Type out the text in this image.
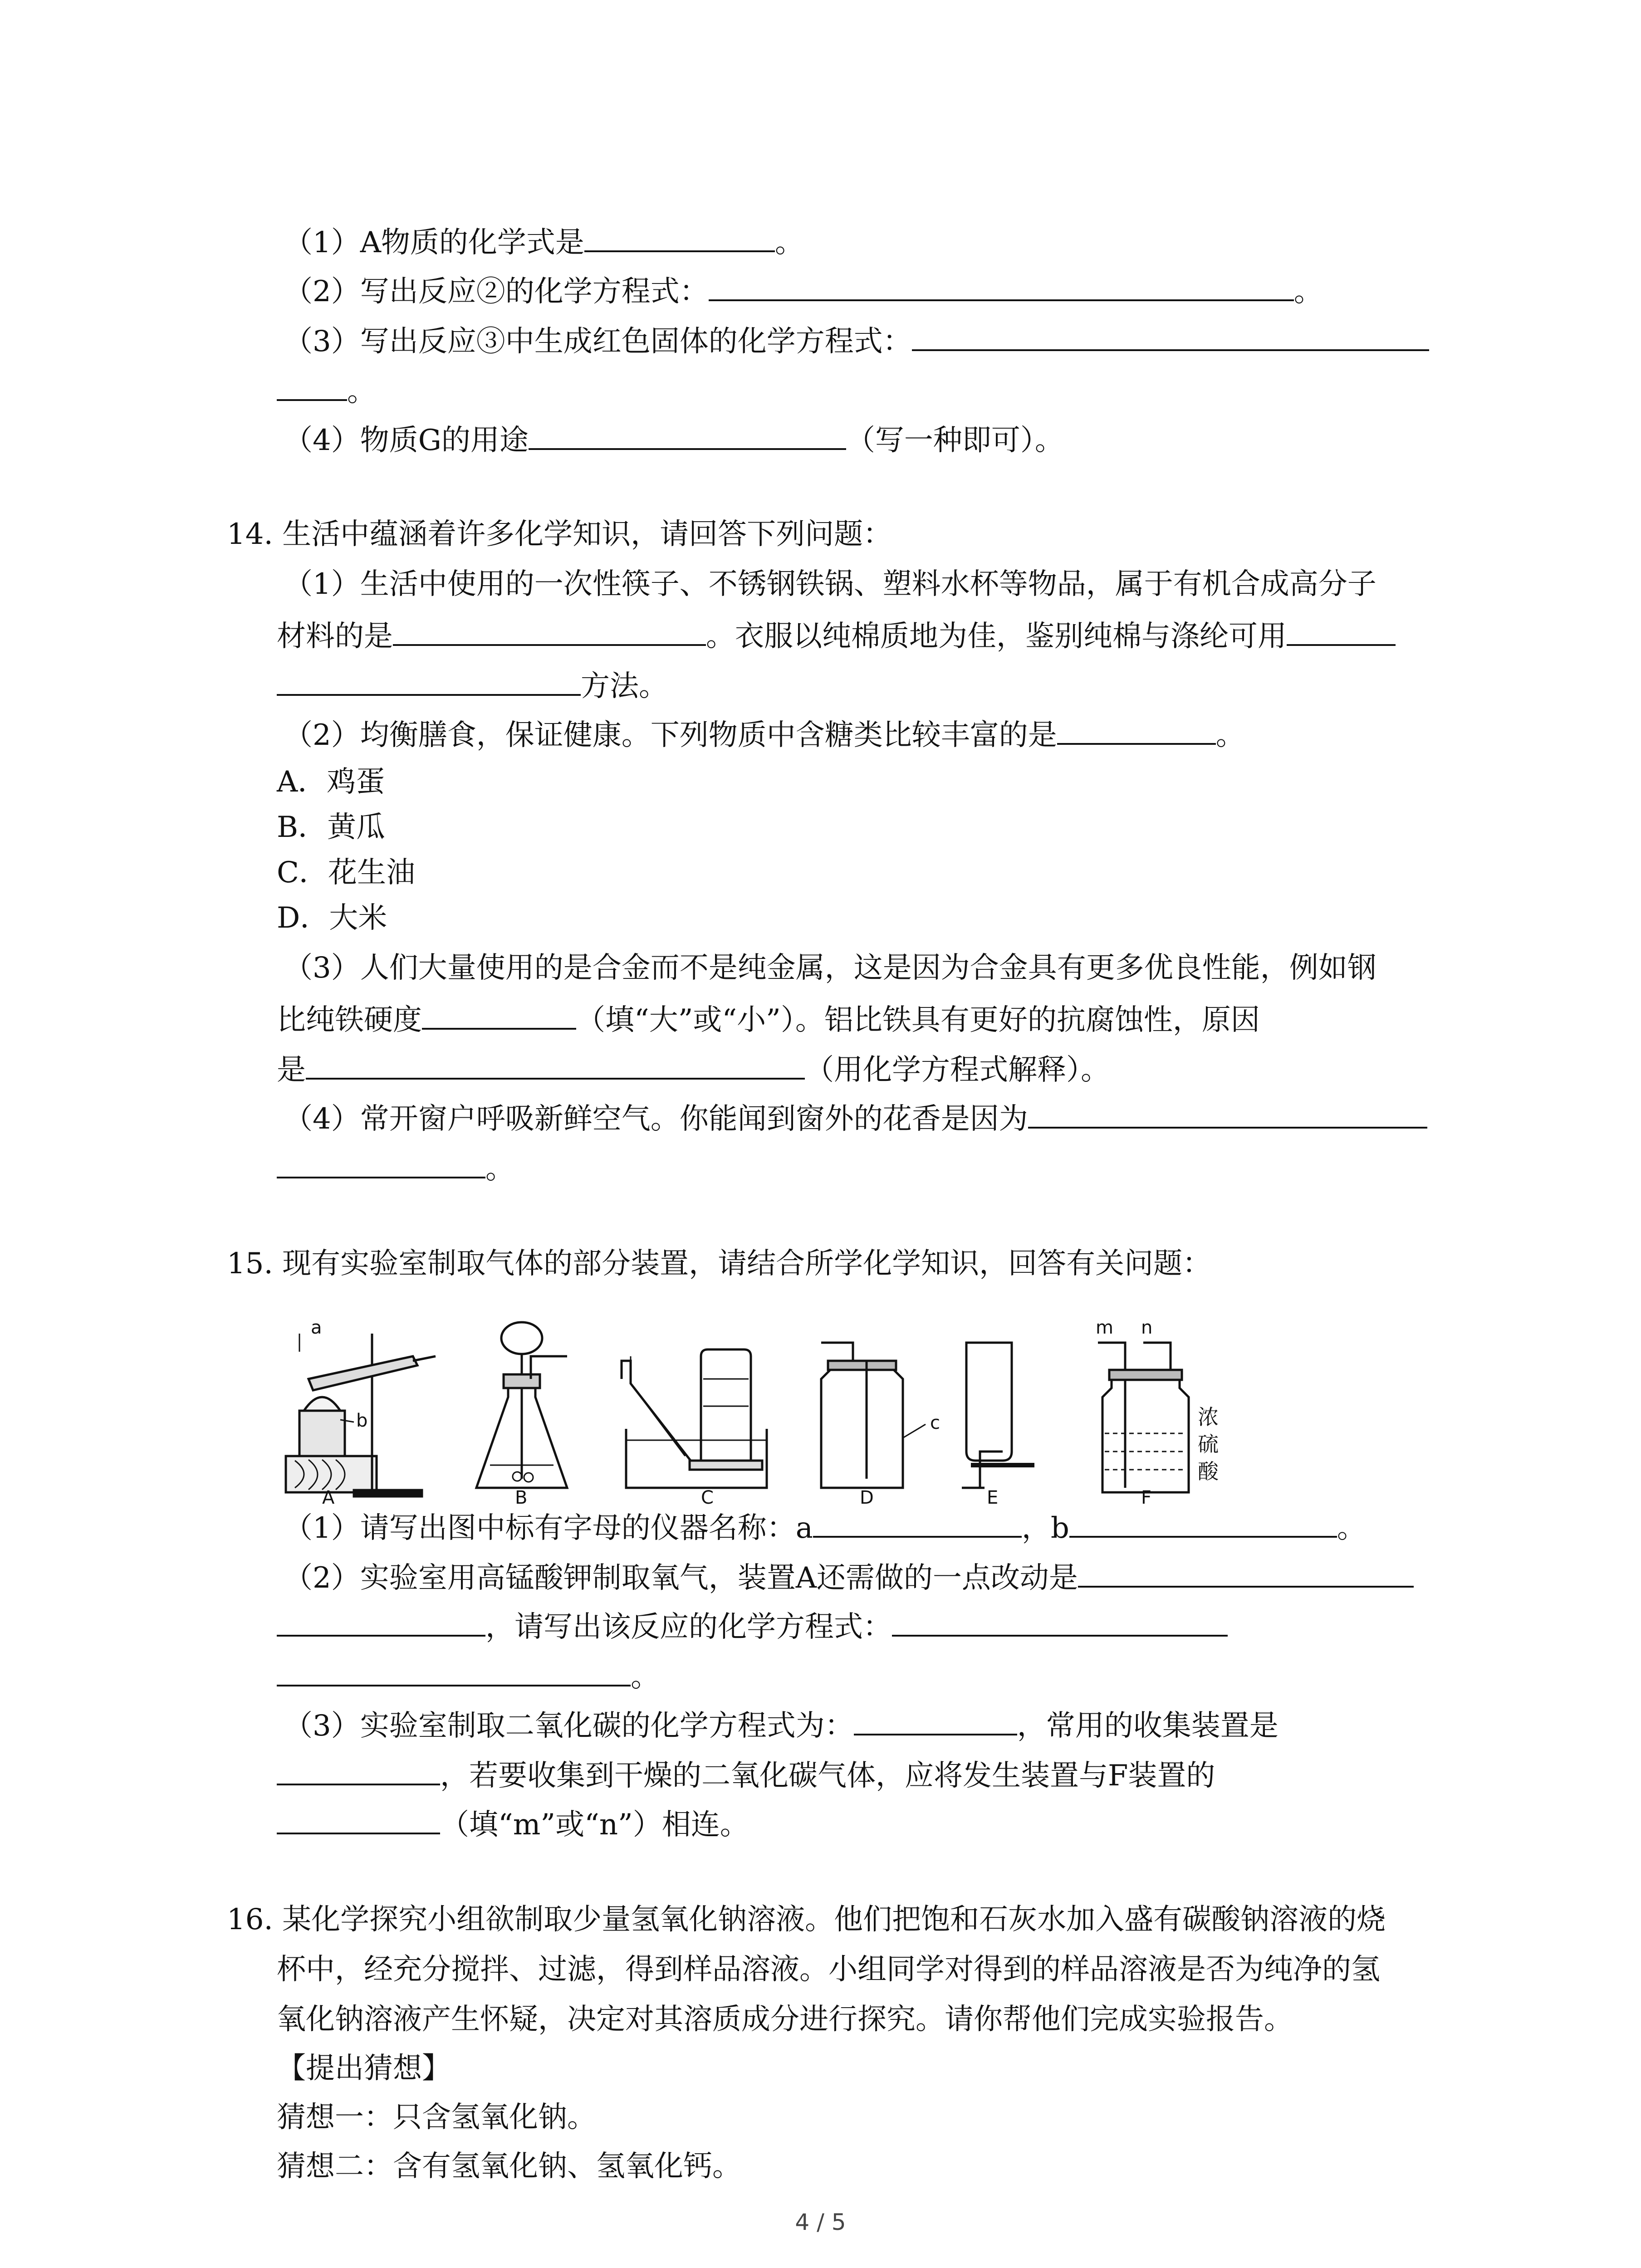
（1）A物质的化学式是	。
（2）写出反应②的化学方程式：	。
（3）写出反应③中生成红色固体的化学方程式：
。
（4）物质G的用途	（写一种即可）。
14. 生活中蕴涵着许多化学知识，请回答下列问题：
（1）生活中使用的一次性筷子、不锈钢铁锅、塑料水杯等物品，属于有机合成高分子
材料的是	。衣服以纯棉质地为佳，鉴别纯棉与涤纶可用
方法。
（2）均衡膳食，保证健康。下列物质中含糖类比较丰富的是	。
A．鸡蛋
B．黄瓜
C．花生油
D．大米
（3）人们大量使用的是合金而不是纯金属，这是因为合金具有更多优良性能，例如钢
比纯铁硬度	（填“大”或“小”）。铝比铁具有更好的抗腐蚀性，原因
是	（用化学方程式解释）。
（4）常开窗户呼吸新鲜空气。你能闻到窗外的花香是因为
。
15. 现有实验室制取气体的部分装置，请结合所学化学知识，回答有关问题：
a
b	c
m n
浓
硫
酸
A	B	C	D	E	F
（1）请写出图中标有字母的仪器名称：a	，b	。
（2）实验室用高锰酸钾制取氧气，装置A还需做的一点改动是
，请写出该反应的化学方程式：
。
（3）实验室制取二氧化碳的化学方程式为：	，常用的收集装置是
，若要收集到干燥的二氧化碳气体，应将发生装置与F装置的
（填“m”或“n”）相连。
16. 某化学探究小组欲制取少量氢氧化钠溶液。他们把饱和石灰水加入盛有碳酸钠溶液的烧
杯中，经充分搅拌、过滤，得到样品溶液。小组同学对得到的样品溶液是否为纯净的氢
氧化钠溶液产生怀疑，决定对其溶质成分进行探究。请你帮他们完成实验报告。
【提出猜想】
猜想一：只含氢氧化钠。
猜想二：含有氢氧化钠、氢氧化钙。
4 / 5
